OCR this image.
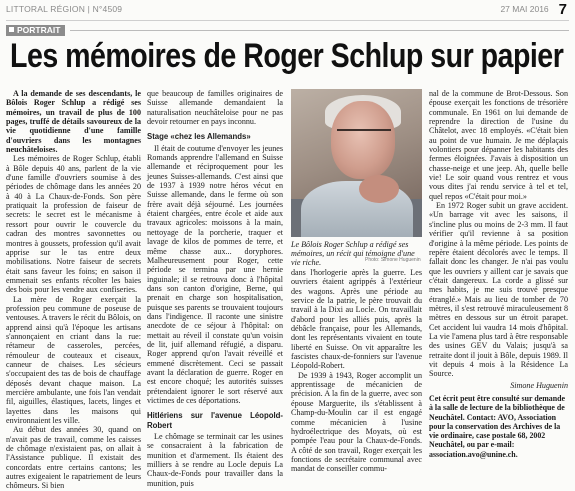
LITTORAL RÉGION | N°4509	27 MAI 2016 7
PORTRAIT
Les mémoires de Roger Schlup sur papier

A la demande de ses descendants, le Bôlois Roger Schlup a rédigé ses mémoires, un travail de plus de 100 pages, truffé de détails savoureux de la vie quotidienne d'une famille d'ouvriers dans les montagnes neuchâteloises.

Les mémoires de Roger Schlup, établi à Bôle depuis 40 ans, parlent de la vie d'une famille d'ouvriers soumise à des périodes de chômage dans les années 20 à 40 à La Chaux-de-Fonds. Son père pratiquait la profession de faiseur de secrets: le secret est le mécanisme à ressort pour ouvrir le couvercle du cadran des montres savonnettes ou montres à goussets, profession qu'il avait apprise sur le tas entre deux mobilisations. Notre faiseur de secrets était sans faveur les foins; en saison il emmenait ses enfants récolter les baies des bois pour les vendre aux confiseries.

La mère de Roger exerçait la profession peu commune de poseuse de ventouses. A travers le récit du Bôlois, on apprend ainsi qu'à l'époque les artisans s'annonçaient en criant dans la rue: rétameur de casseroles, percées, rémouleur de couteaux et ciseaux, canneur de chaises. Les sécieurs s'occupaient des tas de bois de chauffage déposés devant chaque maison. La mercière ambulante, une fois l'an vendait fil, aiguilles, élastiques, lacets, linges et layettes dans les maisons qui environnaient les ville.

Au début des années 30, quand on n'avait pas de travail, comme les caisses de chômage n'existaient pas, on allait à l'Assistance publique. Il existait des concordats entre certains cantons; les autres exigeaient le rapatriement de leurs chômeurs. Si bien

que beaucoup de familles originaires de Suisse allemande demandaient la naturalisation neuchâteloise pour ne pas devoir retourner en pays inconnu.

Stage «chez les Allemands»

Il était de coutume d'envoyer les jeunes Romands apprendre l'allemand en Suisse allemande et réciproquement pour les jeunes Suisses-allemands. C'est ainsi que de 1937 à 1939 notre héros vécut en Suisse allemande, dans le ferme où son frère avait déjà séjourné. Les journées étaient chargées, entre école et aide aux travaux agricoles: moissons à la main, nettoyage de la porcherie, traquer et lavage de kilos de pommes de terre, et même chasse aux... doryphores. Malheureusement pour Roger, cette période se termina par une hernie inguinale; il se retrouva donc à l'hôpital dans son canton d'origine, Berne, qui prenait en charge son hospitalisation, puisque ses parents se trouvaient toujours dans l'indigence. Il raconte une sinistre anecdote de ce séjour à l'hôpital: on mettait au réveil il constate qu'un voisin de lit, juif allemand réfugié, a disparu. Roger apprend qu'on l'avait réveillé et emmené discrètement. Ceci se passait avant la déclaration de guerre. Roger en est encore choqué; les autorités suisses prétendaient ignorer le sort réservé aux victimes de ces déportations.

Hitlériens sur l'avenue Léopold-Robert

Le chômage se terminait car les usines se consacraient à la fabrication de munition et d'armement. Ils étaient des milliers à se rendre au Locle depuis La Chaux-de-Fonds pour travailler dans la munition, puis

Le Bôlois Roger Schlup a rédigé ses mémoires, un récit qui témoigne d'une vie riche.	Photo: Simone Huguenin

dans l'horlogerie après la guerre. Les ouvriers étaient agrippés à l'extérieur des wagons. Après une période au service de la patrie, le père trouvait du travail à la Dixi au Locle. On travaillait d'abord pour les alliés puis, après la débâcle française, pour les Allemands, dont les représentants vivaient en toute liberté en Suisse. On vit apparaître les fascistes chaux-de-fonniers sur l'avenue Léopold-Robert.

De 1939 à 1943, Roger accomplit un apprentissage de mécanicien de précision. A la fin de la guerre, avec son épouse Marguerite, ils s'établissent à Champ-du-Moulin car il est engagé comme mécanicien à l'usine hydroélectrique des Moyats, où est pompée l'eau pour la Chaux-de-Fonds. A côté de son travail, Roger exerçait les fonctions de secrétaire communal avec mandat de conseiller commu-

nal de la commune de Brot-Dessous. Son épouse exerçait les fonctions de trésorière communale. En 1961 on lui demande de reprendre la direction de l'usine du Châtelot, avec 18 employés. «C'était bien au point de vue humain. Je me déplaçais volontiers pour dépanner les habitants des fermes éloignées. J'avais à disposition un chasse-neige et une jeep. Ah, quelle belle vie! Le soir quand vous rentrez et vous vous dites j'ai rendu service à tel et tel, quel repos «C'était pour moi.»

En 1972 Roger subit un grave accident. «Un barrage vit avec les saisons, il s'incline plus ou moins de 2-3 mm. Il faut vérifier qu'il revienne à sa position d'origine à la même période. Les points de repère étaient décolorés avec le temps. Il fallait donc les changer. Je n'ai pas voulu que les ouvriers y aillent car je savais que c'était dangereux. La corde a glissé sur mes habits, je me suis trouvé presque étranglé.» Mais au lieu de tomber de 70 mètres, il s'est retrouvé miraculeusement 8 mètres en dessous sur un étroit parapet. Cet accident lui vaudra 14 mois d'hôpital. La vie l'amena plus tard à être responsable des usines GEV du Valais; jusqu'à sa retraite dont il jouit à Bôle, depuis 1989. Il vit depuis 4 mois à la Résidence La Source.

Simone Huguenin
Cet écrit peut être consulté sur demande à la salle de lecture de la bibliothèque de Neuchâtel. Contact: AVO, Association pour la conservation des Archives de la vie ordinaire, case postale 68, 2002 Neuchâtel, ou par e-mail: association.avo@unine.ch.
